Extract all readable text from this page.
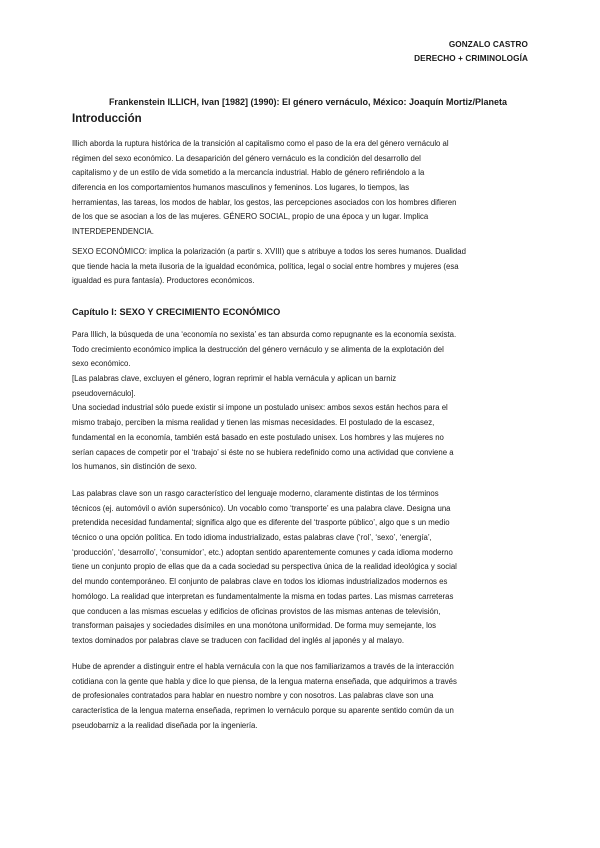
GONZALO CASTRO
DERECHO + CRIMINOLOGÍA
Frankenstein ILLICH, Ivan [1982] (1990): El género vernáculo, México: Joaquín Mortiz/Planeta
Introducción
Illich aborda la ruptura histórica de la transición al capitalismo como el paso de la era del género vernáculo al
régimen del sexo económico. La desaparición del género vernáculo es la condición del desarrollo del
capitalismo y de un estilo de vida sometido a la mercancía industrial. Hablo de género refiriéndolo a la
diferencia en los comportamientos humanos masculinos y femeninos. Los lugares, lo tiempos, las
herramientas, las tareas, los modos de hablar, los gestos, las percepciones asociados con los hombres difieren
de los que se asocian a los de las mujeres. GÉNERO SOCIAL, propio de una época y un lugar. Implica
INTERDEPENDENCIA.
SEXO ECONÓMICO: implica la polarización (a partir s. XVIII) que s atribuye a todos los seres humanos. Dualidad
que tiende hacia la meta ilusoria de la igualdad económica, política, legal o social entre hombres y mujeres (esa
igualdad es pura fantasía). Productores económicos.
Capítulo I: SEXO Y CRECIMIENTO ECONÓMICO
Para Illich, la búsqueda de una ‘economía no sexista’ es tan absurda como repugnante es la economía sexista.
Todo crecimiento económico implica la destrucción del género vernáculo y se alimenta de la explotación del
sexo económico.
[Las palabras clave, excluyen el género, logran reprimir el habla vernácula y aplican un barniz
pseudovernáculo].
Una sociedad industrial sólo puede existir si impone un postulado unisex: ambos sexos están hechos para el
mismo trabajo, perciben la misma realidad y tienen las mismas necesidades. El postulado de la escasez,
fundamental en la economía, también está basado en este postulado unisex. Los hombres y las mujeres no
serían capaces de competir por el ‘trabajo’ si éste no se hubiera redefinido como una actividad que conviene a
los humanos, sin distinción de sexo.
Las palabras clave son un rasgo característico del lenguaje moderno, claramente distintas de los términos
técnicos (ej. automóvil o avión supersónico). Un vocablo como ‘transporte’ es una palabra clave. Designa una
pretendida necesidad fundamental; significa algo que es diferente del ‘trasporte público’, algo que s un medio
técnico o una opción política. En todo idioma industrializado, estas palabras clave (‘rol’, ‘sexo’, ‘energía’,
‘producción’, ‘desarrollo’, ‘consumidor’, etc.) adoptan sentido aparentemente comunes y cada idioma moderno
tiene un conjunto propio de ellas que da a cada sociedad su perspectiva única de la realidad ideológica y social
del mundo contemporáneo. El conjunto de palabras clave en todos los idiomas industrializados modernos es
homólogo. La realidad que interpretan es fundamentalmente la misma en todas partes. Las mismas carreteras
que conducen a las mismas escuelas y edificios de oficinas provistos de las mismas antenas de televisión,
transforman paisajes y sociedades disímiles en una monótona uniformidad. De forma muy semejante, los
textos dominados por palabras clave se traducen con facilidad del inglés al japonés y al malayo.
Hube de aprender a distinguir entre el habla vernácula con la que nos familiarizamos a través de la interacción
cotidiana con la gente que habla y dice lo que piensa, de la lengua materna enseñada, que adquirimos a través
de profesionales contratados para hablar en nuestro nombre y con nosotros. Las palabras clave son una
característica de la lengua materna enseñada, reprimen lo vernáculo porque su aparente sentido común da un
pseudobarniz a la realidad diseñada por la ingeniería.
